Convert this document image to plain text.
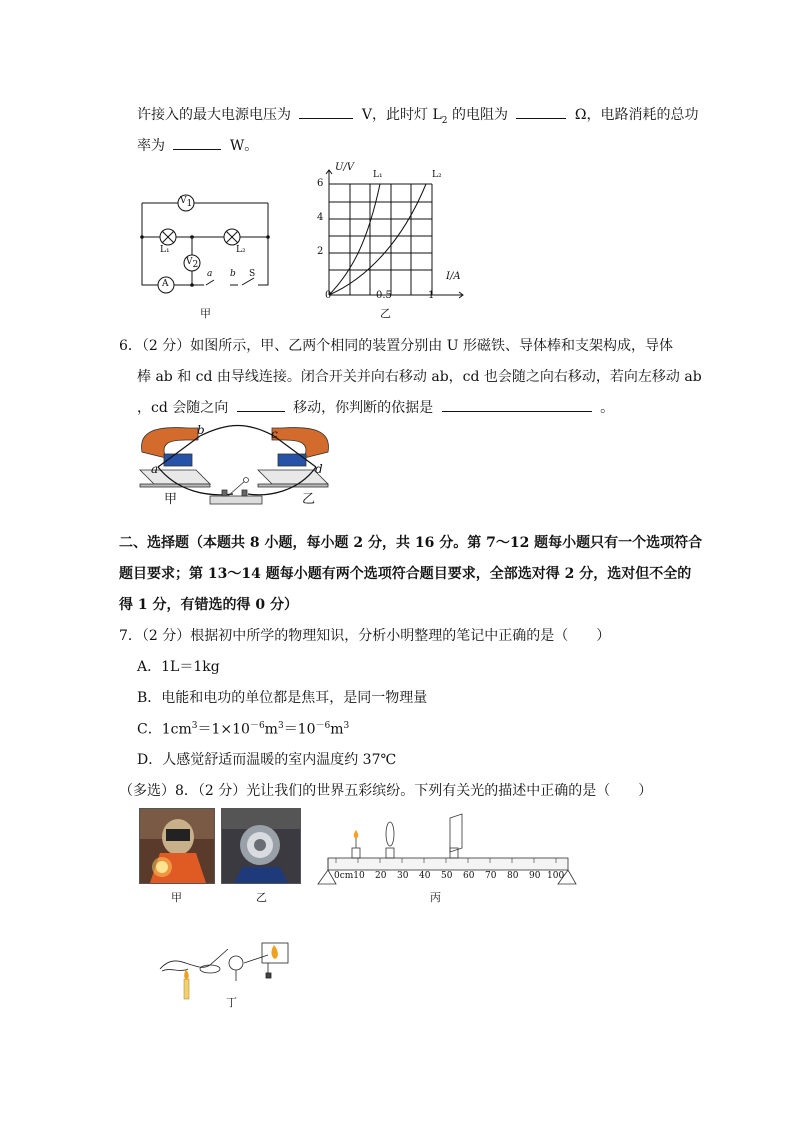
许接入的最大电源电压为	V，此时灯 $L_2$ 的电阻为	Ω，电路消耗的总功
率为	W。
$V_1$
$V_2$
A
L₁	L₂
a b S
甲
U/V
I/A
6
4
2
0	0.5	1
L₁	L₂
乙
6．（2 分）如图所示，甲、乙两个相同的装置分别由 U 形磁铁、导体棒和支架构成，导体
棒 ab 和 cd 由导线连接。闭合开关并向右移动 ab，cd 也会随之向右移动，若向左移动 ab
，cd 会随之向	移动，你判断的依据是	。
b	c
a	d
甲	乙
二、选择题（本题共 8 小题，每小题 2 分，共 16 分。第 7～12 题每小题只有一个选项符合
题目要求；第 13～14 题每小题有两个选项符合题目要求，全部选对得 2 分，选对但不全的
得 1 分，有错选的得 0 分）
7．（2 分）根据初中所学的物理知识，分析小明整理的笔记中正确的是（　　）
A．1L＝1kg
B．电能和电功的单位都是焦耳，是同一物理量
C．$1cm^3=1\times 10^{-6}m^3=10^{-6}m^3$
D．人感觉舒适而温暖的室内温度约 37℃
（多选）8．（2 分）光让我们的世界五彩缤纷。下列有关光的描述中正确的是（　　）
甲	乙
0cm10 20 30 40 50 60 70 80 90 100
丙
丁
